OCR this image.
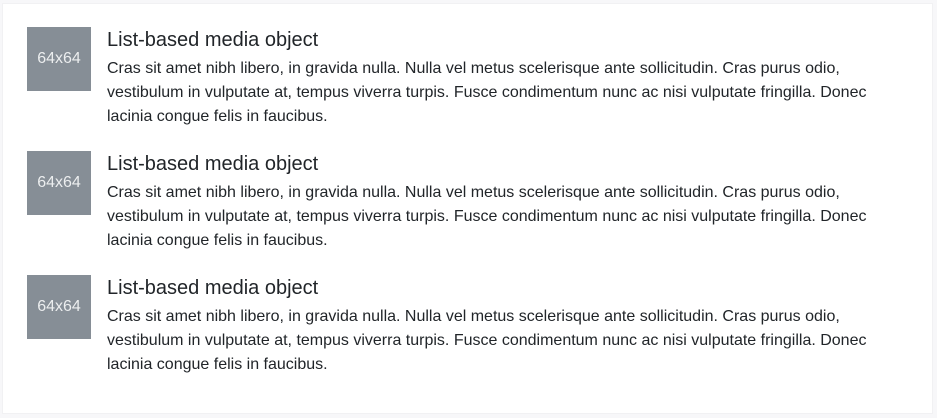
64x64
List-based media object

Cras sit amet nibh libero, in gravida nulla. Nulla vel metus scelerisque ante sollicitudin. Cras purus odio, vestibulum in vulputate at, tempus viverra turpis. Fusce condimentum nunc ac nisi vulputate fringilla. Donec lacinia congue felis in faucibus.

64x64
List-based media object

Cras sit amet nibh libero, in gravida nulla. Nulla vel metus scelerisque ante sollicitudin. Cras purus odio, vestibulum in vulputate at, tempus viverra turpis. Fusce condimentum nunc ac nisi vulputate fringilla. Donec lacinia congue felis in faucibus.

64x64
List-based media object

Cras sit amet nibh libero, in gravida nulla. Nulla vel metus scelerisque ante sollicitudin. Cras purus odio, vestibulum in vulputate at, tempus viverra turpis. Fusce condimentum nunc ac nisi vulputate fringilla. Donec lacinia congue felis in faucibus.
